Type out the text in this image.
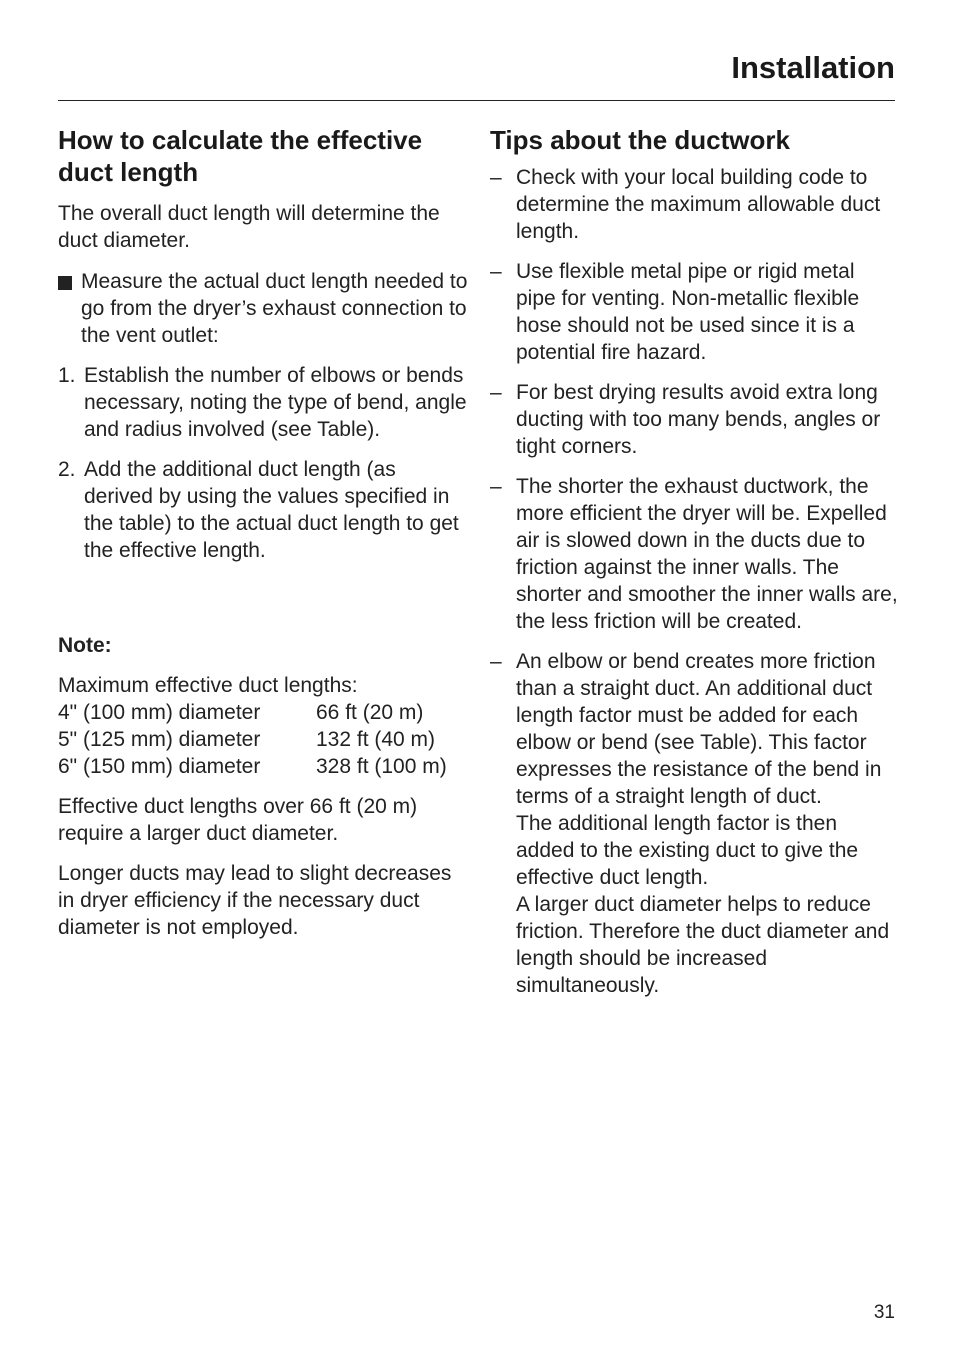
Installation
How to calculate the effective duct length

The overall duct length will determine the duct diameter.

Measure the actual duct length needed to go from the dryer’s exhaust connection to the vent outlet:
1. Establish the number of elbows or bends necessary, noting the type of bend, angle and radius involved (see Table).
2. Add the additional duct length (as derived by using the values specified in the table) to the actual duct length to get the effective length.
Note:
Maximum effective duct lengths:
4" (100 mm) diameter	66 ft (20 m)
5" (125 mm) diameter	132 ft (40 m)
6" (150 mm) diameter	328 ft (100 m)

Effective duct lengths over 66 ft (20 m) require a larger duct diameter.

Longer ducts may lead to slight decreases in dryer efficiency if the necessary duct diameter is not employed.

Tips about the ductwork
– Check with your local building code to determine the maximum allowable duct length.
– Use flexible metal pipe or rigid metal pipe for venting. Non-metallic flexible hose should not be used since it is a potential fire hazard.
– For best drying results avoid extra long ducting with too many bends, angles or tight corners.
– The shorter the exhaust ductwork, the more efficient the dryer will be. Expelled air is slowed down in the ducts due to friction against the inner walls. The shorter and smoother the inner walls are, the less friction will be created.
– An elbow or bend creates more friction than a straight duct. An additional duct length factor must be added for each elbow or bend (see Table). This factor expresses the resistance of the bend in terms of a straight length of duct.
The additional length factor is then added to the existing duct to give the effective duct length.
A larger duct diameter helps to reduce friction. Therefore the duct diameter and length should be increased simultaneously.
31
